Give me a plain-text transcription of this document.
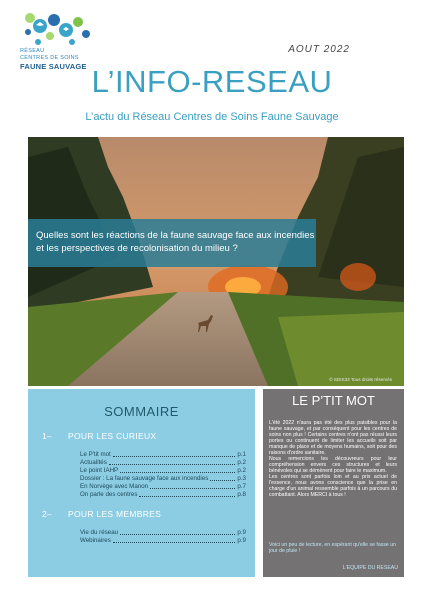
RÉSEAU
CENTRES DE SOINS
FAUNE SAUVAGE
AOUT 2022
L’INFO-RESEAU
L’actu du Réseau Centres de Soins Faune Sauvage
Quelles sont les réactions de la faune sauvage face aux incendies et les perspectives de recolonisation du milieu ?
© SDIS33 Tous droits réservés
SOMMAIRE
1– POUR LES CURIEUX
Le P'tit mot	p.1
Actualités	p.2
Le point IAHP	p.2
Dossier : La faune sauvage face aux incendies	p.3
En Norvège avec Manon	p.7
On parle des centres	p.8
2– POUR LES MEMBRES
Vie du réseau	p.9
Webinaires	p.9
LE P’TIT MOT

L'été 2022 n'aura pas été des plus paisibles pour la faune sauvage, et par conséquent pour les centres de soins non plus ! Certains centres n'ont pas réussi leurs portes ou continuent de limiter les accueils soit par manque de place et de moyens humains, soit pour des raisons d'ordre sanitaire.

Nous remercions les découvreurs pour leur compréhension envers ces structures et leurs bénévoles qui se démènent pour faire le maximum.

Les centres sont parfois loin et au prix actuel de l'essence, nous avons conscience que la prise en charge d'un animal ressemble parfois à un parcours du combattant. Alors MERCI à tous !

Voici un peu de lecture, en espérant qu'elle se fasse un jour de pluie !
L'EQUIPE DU RESEAU
